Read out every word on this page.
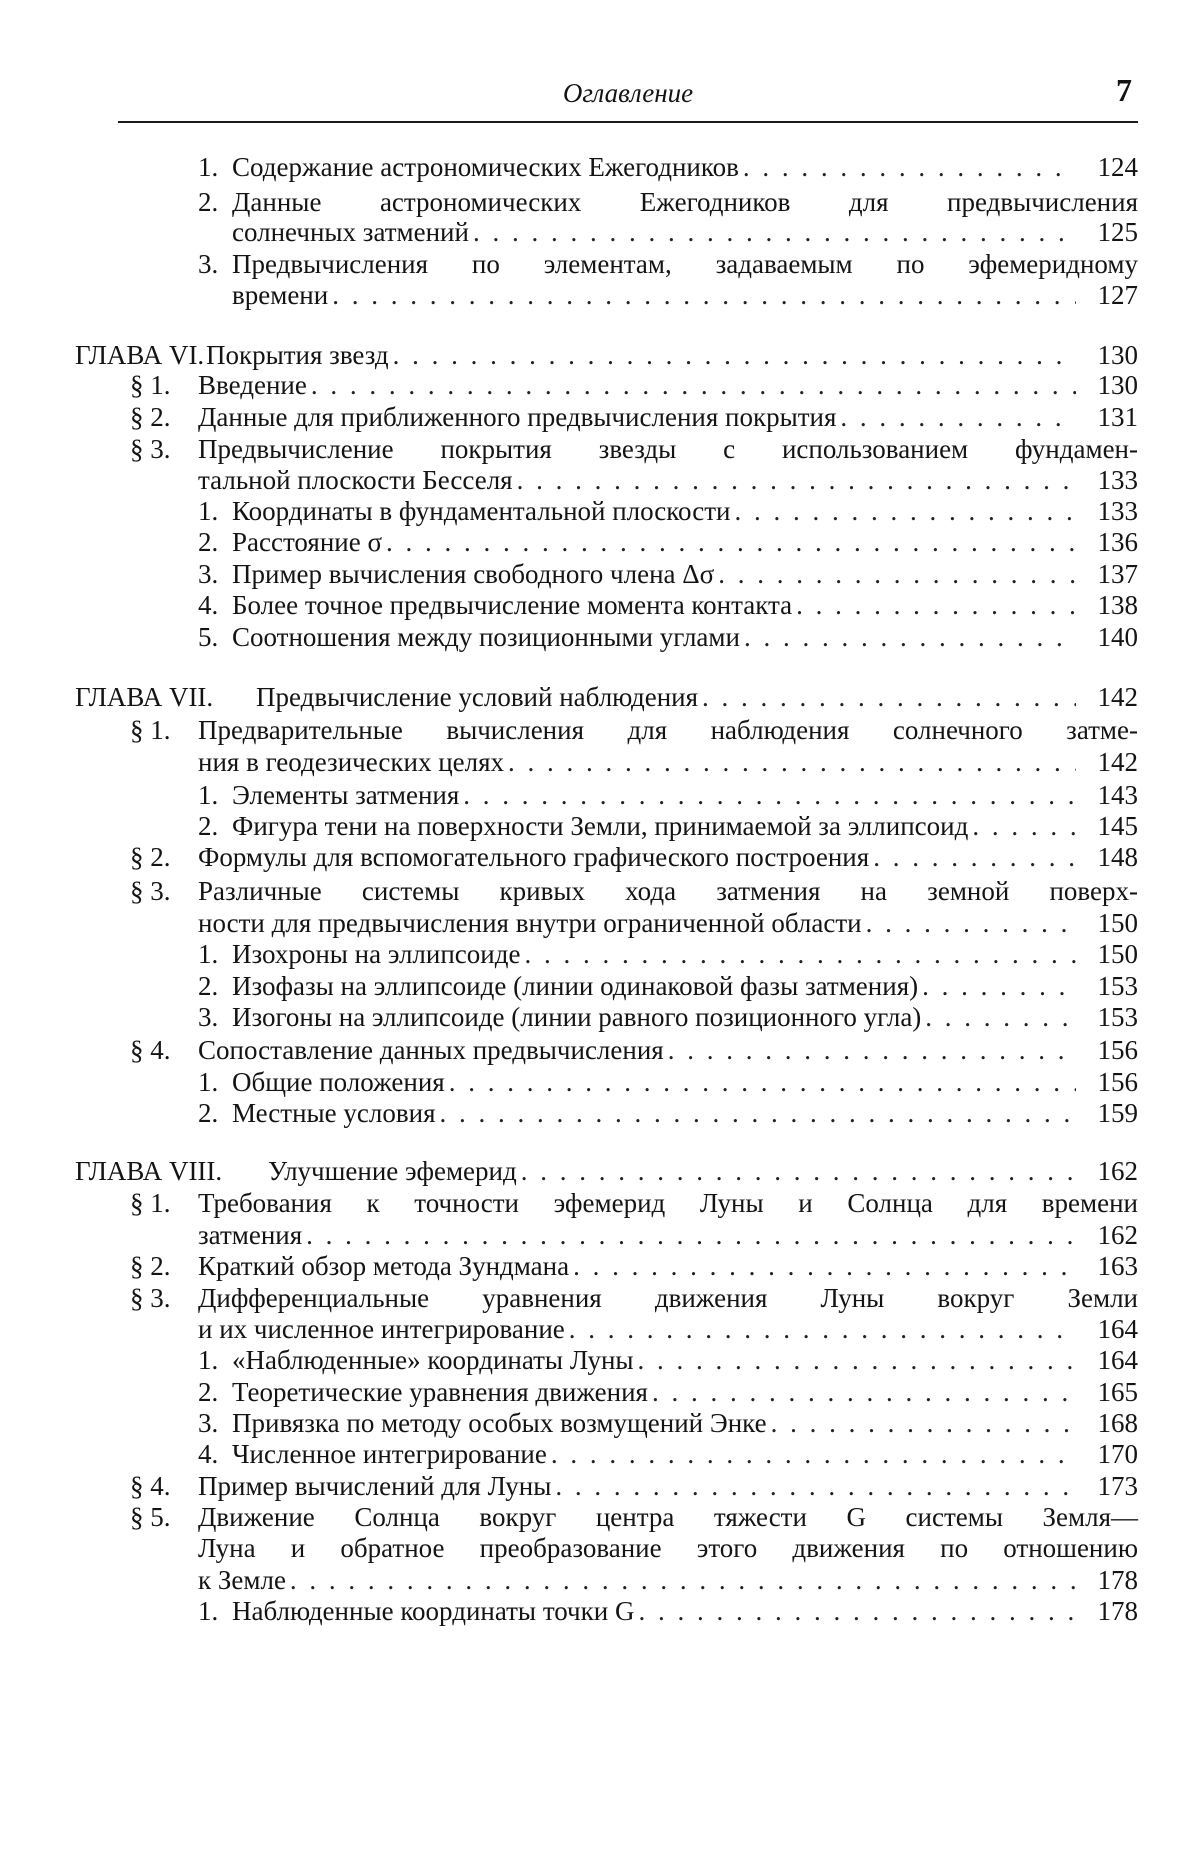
Оглавление	7
1. Содержание астрономических Ежегодников . . .	124
2. Данные астрономических Ежегодников для предвычисления
солнечных затмений . . .	125
3. Предвычисления по элементам, задаваемым по эфемеридному
времени . . .	127
ГЛАВА VI. Покрытия звезд . . .	130
§ 1. Введение . . .	130
§ 2. Данные для приближенного предвычисления покрытия . . .	131
§ 3. Предвычисление покрытия звезды с использованием фундамен-
тальной плоскости Бесселя . . .	133
1. Координаты в фундаментальной плоскости . . .	133
2. Расстояние σ . . .	136
3. Пример вычисления свободного члена Δσ . . .	137
4. Более точное предвычисление момента контакта . . .	138
5. Соотношения между позиционными углами . . .	140
ГЛАВА VII. Предвычисление условий наблюдения . . .	142
§ 1. Предварительные вычисления для наблюдения солнечного затме-
ния в геодезических целях . . .	142
1. Элементы затмения . . .	143
2. Фигура тени на поверхности Земли, принимаемой за эллипсоид . . .	145
§ 2. Формулы для вспомогательного графического построения . . .	148
§ 3. Различные системы кривых хода затмения на земной поверх-
ности для предвычисления внутри ограниченной области . . .	150
1. Изохроны на эллипсоиде . . .	150
2. Изофазы на эллипсоиде (линии одинаковой фазы затмения) . . .	153
3. Изогоны на эллипсоиде (линии равного позиционного угла) . . .	153
§ 4. Сопоставление данных предвычисления . . .	156
1. Общие положения . . .	156
2. Местные условия . . .	159
ГЛАВА VIII. Улучшение эфемерид . . .	162
§ 1. Требования к точности эфемерид Луны и Солнца для времени
затмения . . .	162
§ 2. Краткий обзор метода Зундмана . . .	163
§ 3. Дифференциальные уравнения движения Луны вокруг Земли
и их численное интегрирование . . .	164
1. «Наблюденные» координаты Луны . . .	164
2. Теоретические уравнения движения . . .	165
3. Привязка по методу особых возмущений Энке . . .	168
4. Численное интегрирование . . .	170
§ 4. Пример вычислений для Луны . . .	173
§ 5. Движение Солнца вокруг центра тяжести G системы Земля—
Луна и обратное преобразование этого движения по отношению
к Земле . . .	178
1. Наблюденные координаты точки G . . .	178
